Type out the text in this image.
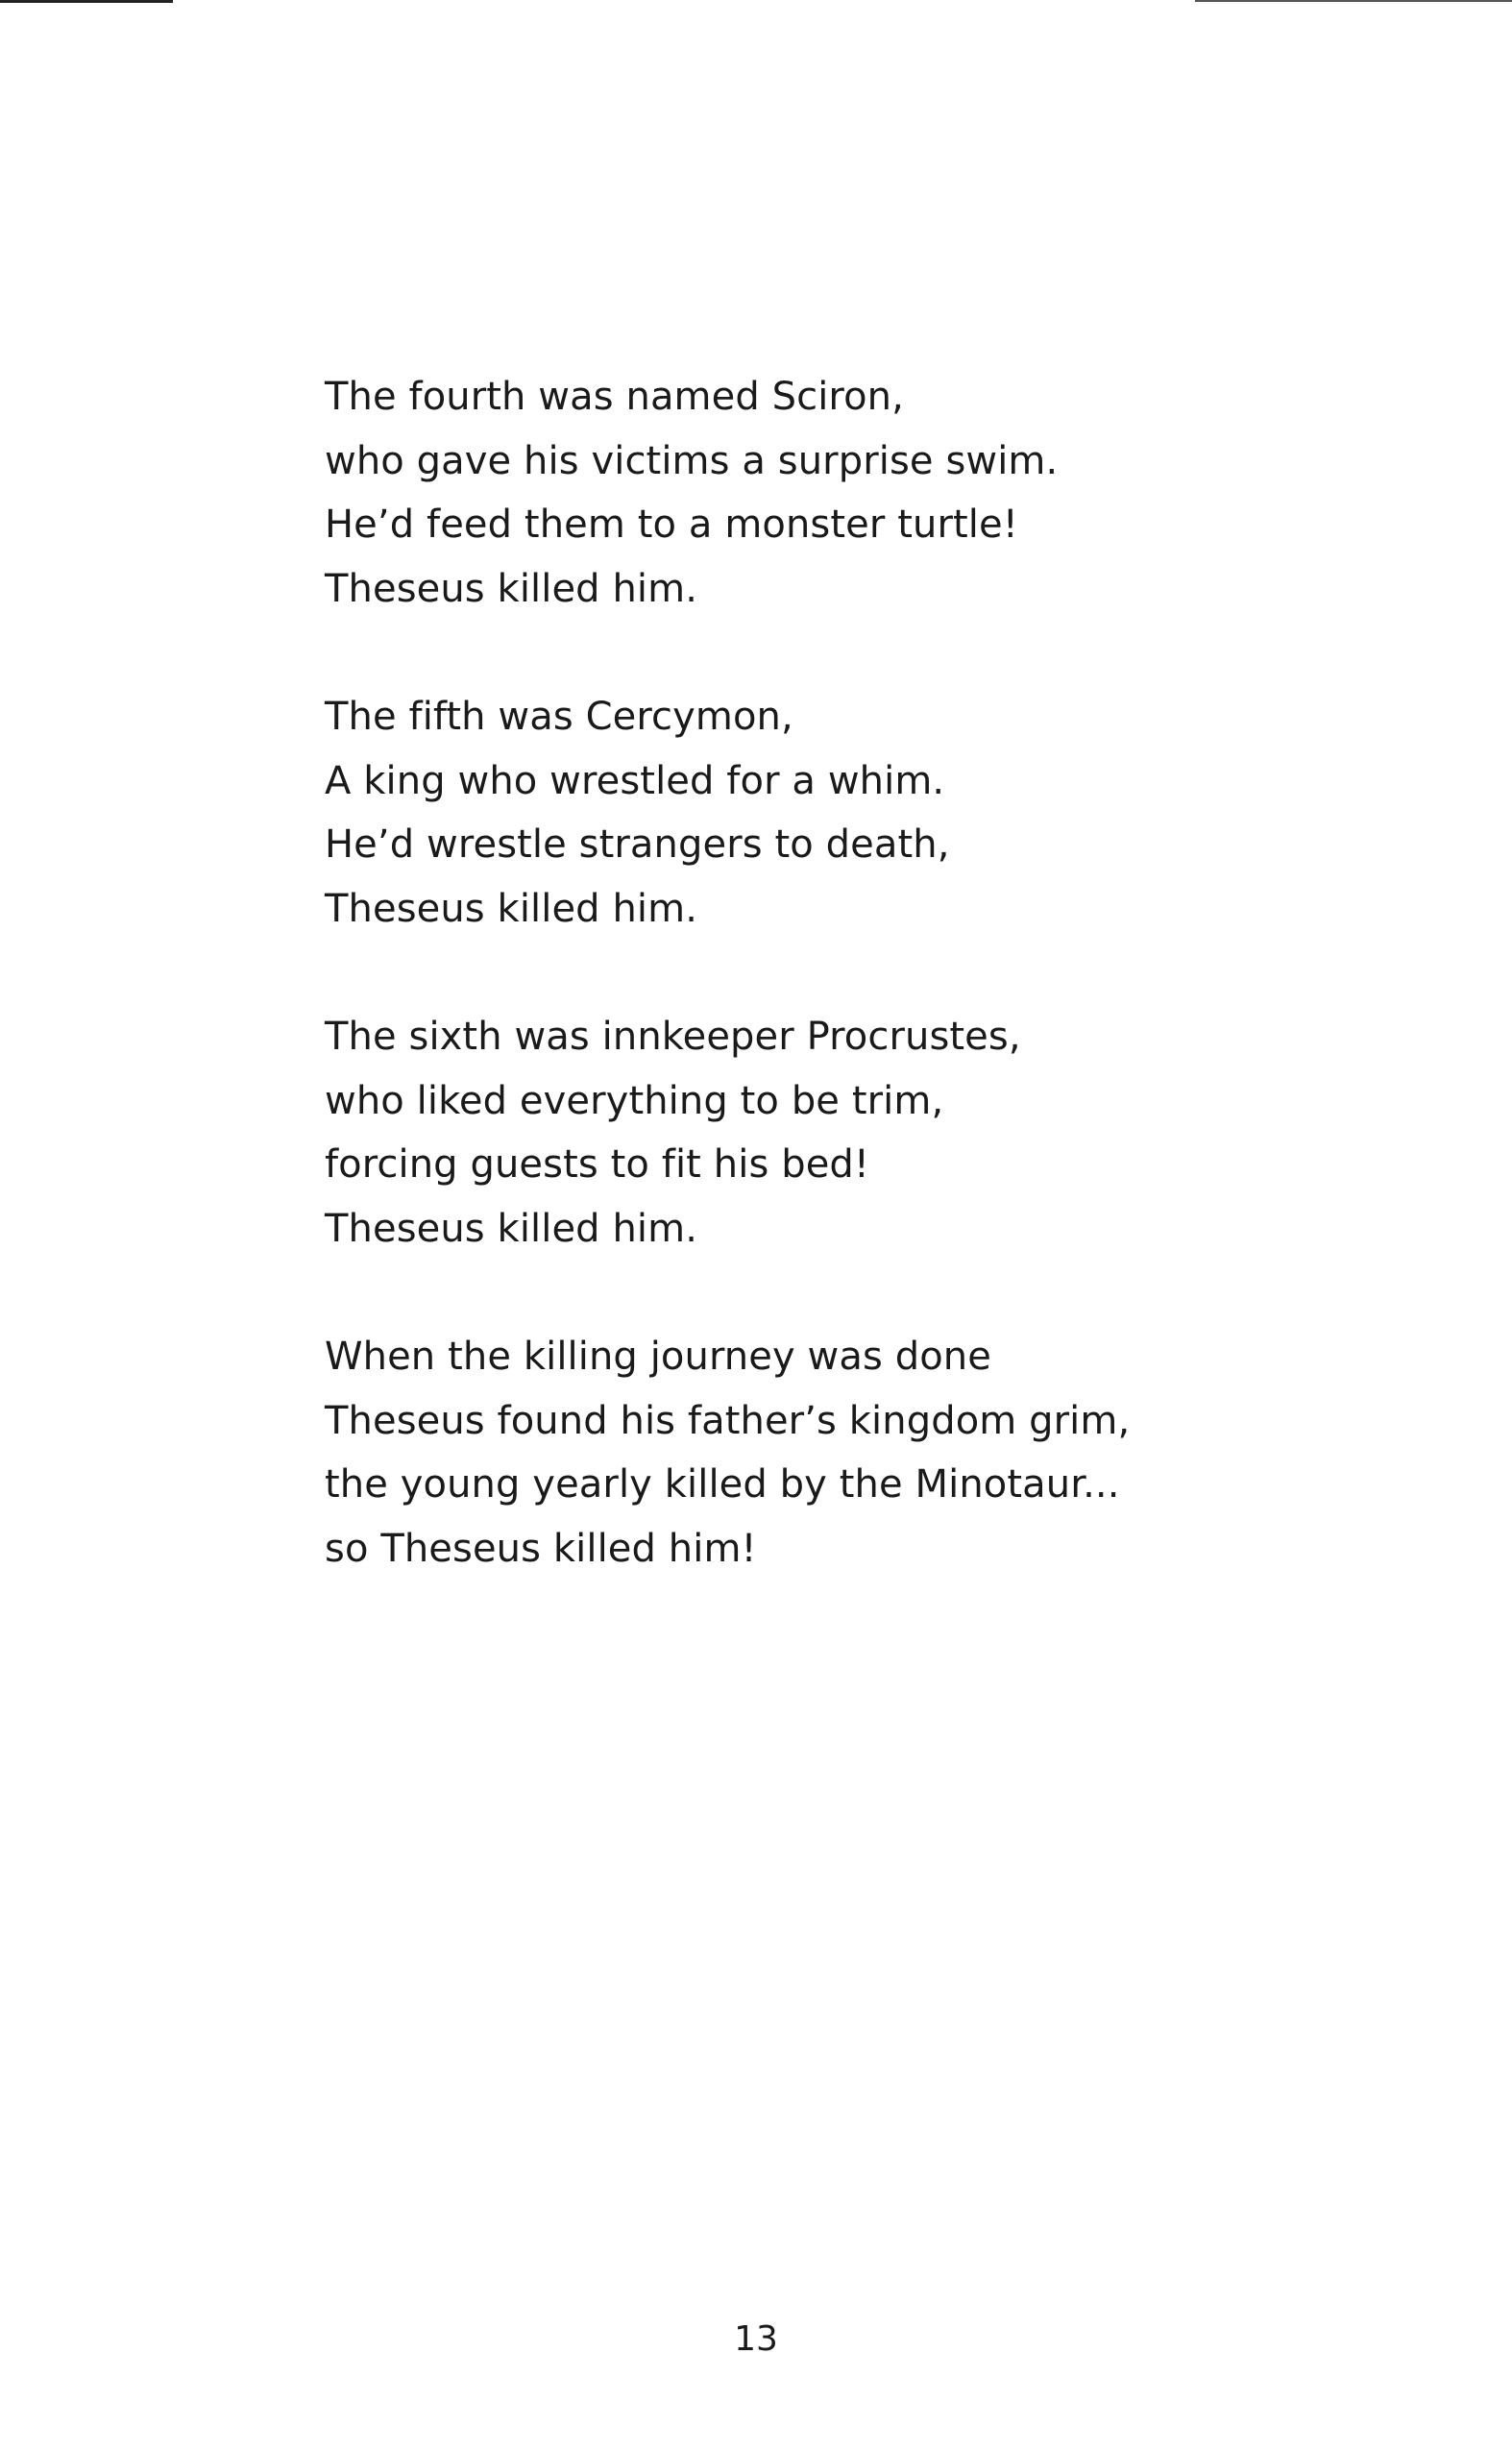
The fourth was named Sciron,
who gave his victims a surprise swim.
He’d feed them to a monster turtle!
Theseus killed him.
The fifth was Cercymon,
A king who wrestled for a whim.
He’d wrestle strangers to death,
Theseus killed him.
The sixth was innkeeper Procrustes,
who liked everything to be trim,
forcing guests to fit his bed!
Theseus killed him.
When the killing journey was done
Theseus found his father’s kingdom grim,
the young yearly killed by the Minotaur...
so Theseus killed him!
13
